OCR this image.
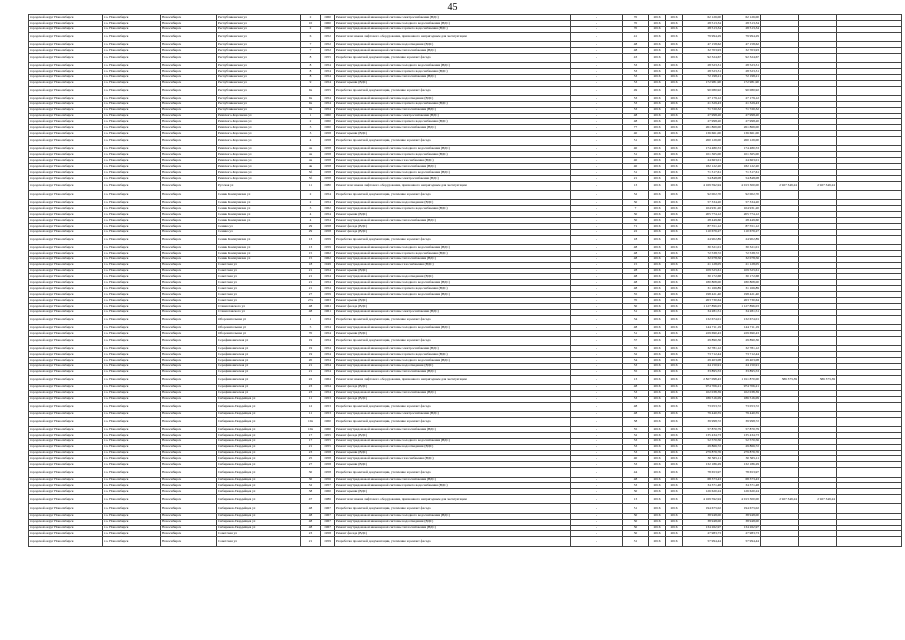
45
городской округ Новосибирск	г.о. Новосибирск	Новосибирск	Республиканская ул	2	1960	Ремонт внутридомовой инженерной системы электроснабжения (ВДС)	-	70	2016	2016	62 126,00	62 126,00			
городской округ Новосибирск	г.о. Новосибирск	Новосибирск	Республиканская ул	10	1960	Ремонт внутридомовой инженерной системы холодного водоснабжения (ВДС)	-	70	2016	2016	28 513,34	28 513,34			
городской округ Новосибирск	г.о. Новосибирск	Новосибирск	Республиканская ул	2	1960	Ремонт внутридомовой инженерной системы горячего водоснабжения (ВДС)	-	70	2016	2016	28 513,34	28 513,34			
городской округ Новосибирск	г.о. Новосибирск	Новосибирск	Республиканская ул	6	1952	Ремонт или замена лифтового оборудования, признанного непригодным для эксплуатации	-	41	2016	2016	79 994,29	79 994,29			
городской округ Новосибирск	г.о. Новосибирск	Новосибирск	Республиканская ул	7	1952	Ремонт внутридомовой инженерной системы водоотведения (ВДС)	-	48	2016	2016	47 158,62	47 158,62			
городской округ Новосибирск	г.о. Новосибирск	Новосибирск	Республиканская ул	7	1952	Ремонт внутридомовой инженерной системы теплоснабжения (ВДС)	-	48	2016	2016	32 703,93	32 703,93			
городской округ Новосибирск	г.о. Новосибирск	Новосибирск	Республиканская ул	8	1955	Разработка проектной документации, утепление и ремонт фасада	-	43	2016	2016	92 324,67	92 324,67			
городской округ Новосибирск	г.о. Новосибирск	Новосибирск	Республиканская ул	8	1954	Ремонт внутридомовой инженерной системы холодного водоснабжения (ВДС)	-	53	2016	2016	28 523,31	28 523,31			
городской округ Новосибирск	г.о. Новосибирск	Новосибирск	Республиканская ул	8	1954	Ремонт внутридомовой инженерной системы горячего водоснабжения (ВДС)	-	53	2016	2016	28 523,31	28 523,31			
городской округ Новосибирск	г.о. Новосибирск	Новосибирск	Республиканская ул	8	1954	Ремонт внутридомовой инженерной системы теплоснабжения (ВДС)	-	53	2016	2016	72 198,21	72 198,21			
городской округ Новосибирск	г.о. Новосибирск	Новосибирск	Республиканская ул	9	1954	Ремонт крыши (ВДС)	-	53	2016	2016	172 981,90	172 981,90			
городской округ Новосибирск	г.о. Новосибирск	Новосибирск	Республиканская ул	9а	1955	Разработка проектной документации, утепление и ремонт фасада	-	49	2016	2016	90 080,92	90 080,92			
городской округ Новосибирск	г.о. Новосибирск	Новосибирск	Республиканская ул	9а	1954	Ремонт внутридомовой инженерной системы водоотведения (ВДС)	-	53	2016	2016	27 179,12	27 179,12			
городской округ Новосибирск	г.о. Новосибирск	Новосибирск	Республиканская ул	9а	1954	Ремонт внутридомовой инженерной системы горячего водоснабжения (ВДС)	-	53	2016	2016	21 329,43	21 329,43			
городской округ Новосибирск	г.о. Новосибирск	Новосибирск	Республиканская ул	9а	1954	Ремонт внутридомовой инженерной системы теплоснабжения (ВДС)	-	53	2016	2016	71 720,32	71 720,32			
городской округ Новосибирск	г.о. Новосибирск	Новосибирск	Римского-Корсакова ул	1	1960	Ремонт внутридомовой инженерной системы электроснабжения (ВДС)	-	48	2016	2016	27 998,20	27 998,20			
городской округ Новосибирск	г.о. Новосибирск	Новосибирск	Римского-Корсакова ул	2	1960	Ремонт внутридомовой инженерной системы горячего водоснабжения (ВДС)	-	48	2016	2016	27 998,20	27 998,20			
городской округ Новосибирск	г.о. Новосибирск	Новосибирск	Римского-Корсакова ул	3	1960	Ремонт внутридомовой инженерной системы теплоснабжения (ВДС)	-	77	2016	2016	261 869,00	261 869,00			
городской округ Новосибирск	г.о. Новосибирск	Новосибирск	Римского-Корсакова ул	3	1958	Ремонт крыши (ВДС)	-	40	2016	2016	136 661,00	136 661,00			
городской округ Новосибирск	г.о. Новосибирск	Новосибирск	Римского-Корсакова ул	4	1958	Разработка проектной документации, утепление и ремонт фасада	-	51	2016	2016	260 129,00	260 129,00			
городской округ Новосибирск	г.о. Новосибирск	Новосибирск	Римского-Корсакова ул	4а	1958	Ремонт внутридомовой инженерной системы холодного водоснабжения (ВДС)	-	40	2016	2016	174 480,53	174 480,53			
городской округ Новосибирск	г.о. Новосибирск	Новосибирск	Римского-Корсакова ул	4а	1958	Ремонт внутридомовой инженерной системы горячего водоснабжения (ВДС)	-	51	2016	2016	101 365,00	101 365,00			
городской округ Новосибирск	г.о. Новосибирск	Новосибирск	Римского-Корсакова ул	4а	1958	Ремонт внутридомовой инженерной системы газоснабжения (ВДС)	-	40	2016	2016	24 663,01	24 663,01			
городской округ Новосибирск	г.о. Новосибирск	Новосибирск	Римского-Корсакова ул	4в	1958	Ремонт внутридомовой инженерной системы теплоснабжения (ВДС)	-	40	2016	2016	182 122,20	182 122,20			
городской округ Новосибирск	г.о. Новосибирск	Новосибирск	Римского-Корсакова ул	5б	1958	Ремонт внутридомовой инженерной системы холодного водоснабжения (ВДС)	-	31	2016	2016	71 317,61	71 317,61			
городской округ Новосибирск	г.о. Новосибирск	Новосибирск	Римского-Корсакова ул	5б	1958	Ремонт внутридомовой инженерной системы электроснабжения (ВДС)	-	21	2016	2016	54 848,08	54 848,08			
городской округ Новосибирск	г.о. Новосибирск	Новосибирск	Русская ул	11	1980	Ремонт или замена лифтового оборудования, признанного непригодным для эксплуатации	-	13	2016	2016	4 169 592,94	4 013 300,00	2 927 349,24	2 927 349,24	
городской округ Новосибирск	г.о. Новосибирск	Новосибирск	Сеник Коммунизма ул	2	1954	Разработка проектной документации, утепление и ремонт фасада	-	52	2016	2016	92 002,70	92 002,70			
городской округ Новосибирск	г.о. Новосибирск	Новосибирск	Сеник Коммунизма ул	2	1954	Ремонт внутридомовой инженерной системы водоотведения (ВДС)	-	50	2016	2016	57 334,20	57 334,20			
городской округ Новосибирск	г.о. Новосибирск	Новосибирск	Сеник Коммунизма ул	3	1962	Ремонт внутридомовой инженерной системы горячего водоснабжения (ВДС)	-	7	2016	2016	104 931,20	104 931,20			
городской округ Новосибирск	г.о. Новосибирск	Новосибирск	Сеник Коммунизма ул	4	1954	Ремонт крыши (ВДС)	-	50	2016	2016	205 774,12	205 774,12			
городской округ Новосибирск	г.о. Новосибирск	Новосибирск	Сеник Коммунизма ул	4	1954	Ремонт внутридомовой инженерной системы теплоснабжения (ВДС)	-	50	2016	2016	28 449,60	28 449,60			
городской округ Новосибирск	г.о. Новосибирск	Новосибирск	Сеника ул	29	1958	Ремонт фасада (ВДС)	-	71	2016	2016	87 551,12	87 551,12			
городской округ Новосибирск	г.о. Новосибирск	Новосибирск	Сеника ул	29	1958	Ремонт фасада (ВДС)	-	22	2016	2016	110 679,27	110 679,27			
городской округ Новосибирск	г.о. Новосибирск	Новосибирск	Сеник Коммунизма ул	13	1959	Разработка проектной документации, утепление и ремонт фасада	-	18	2016	2016	24 902,89	24 902,89			
городской округ Новосибирск	г.о. Новосибирск	Новосибирск	Сеник Коммунизма ул	13	1959	Ремонт внутридомовой инженерной системы холодного водоснабжения (ВДС)	-	48	2016	2016	30 321,01	30 321,01			
городской округ Новосибирск	г.о. Новосибирск	Новосибирск	Сеник Коммунизма ул	15	1962	Ремонт внутридомовой инженерной системы горячего водоснабжения (ВДС)	-	48	2016	2016	72 538,72	72 538,72			
городской округ Новосибирск	г.о. Новосибирск	Новосибирск	Сеник Коммунизма ул	15	1962	Ремонт внутридомовой инженерной системы теплоснабжения (ВДС)	-	48	2016	2016	32 078,56	32 078,56			
городской округ Новосибирск	г.о. Новосибирск	Новосибирск	Советская ул	18	1949	Ремонт внутридомовой инженерной системы газоснабжения (ВДС)	-	15	2016	2016	21 128,05	21 128,05			
городской округ Новосибирск	г.о. Новосибирск	Новосибирск	Советская ул	21	1954	Ремонт крыши (ВДС)	-	28	2016	2016	109 523,61	109 523,61			
городской округ Новосибирск	г.о. Новосибирск	Новосибирск	Советская ул	21	1954	Ремонт внутридомовой инженерной системы водоотведения (ВДС)	-	48	2016	2016	30 172,68	30 172,68			
городской округ Новосибирск	г.о. Новосибирск	Новосибирск	Советская ул	21	1954	Ремонт внутридомовой инженерной системы холодного водоснабжения (ВДС)	-	48	2016	2016	180 808,00	180 808,00			
городской округ Новосибирск	г.о. Новосибирск	Новосибирск	Советская ул	21	1954	Ремонт внутридомовой инженерной системы горячего водоснабжения (ВДС)	-	48	2016	2016	31 166,89	31 166,89			
городской округ Новосибирск	г.о. Новосибирск	Новосибирск	Советская ул	27	1959	Ремонт внутридомовой инженерной системы холодного водоснабжения (ВДС)	-	55	2016	2016	198 421,40	198 421,40			
городской округ Новосибирск	г.о. Новосибирск	Новосибирск	Советская ул	27а	1963	Ремонт крыши (ВДС)	-	70	2016	2016	263 730,64	263 730,64			
городской округ Новосибирск	г.о. Новосибирск	Новосибирск	Станиславского ул	48	1961	Ремонт фасада (ВДС)	-	50	2016	2016	1 127 896,03	1 127 896,03			
городской округ Новосибирск	г.о. Новосибирск	Новосибирск	Станиславского ул	48	1961	Ремонт внутридомовой инженерной системы электроснабжения (ВДС)	-	51	2016	2016	34 281,51	34 281,51			
городской округ Новосибирск	г.о. Новосибирск	Новосибирск	Оборонительная ул	1	1954	Разработка проектной документации, утепление и ремонт фасада	-	34	2016	2016	132 674,01	132 674,01			
городской округ Новосибирск	г.о. Новосибирск	Новосибирск	Оборонительная ул	5	1954	Ремонт внутридомовой инженерной системы холодного водоснабжения (ВДС)	-	48	2016	2016	144 711,19	144 711,19			
городской округ Новосибирск	г.о. Новосибирск	Новосибирск	Оборонительная ул	70	1954	Ремонт крыши (ВДС)	-	51	2016	2016	229 690,43	229 690,43			
городской округ Новосибирск	г.о. Новосибирск	Новосибирск	Серафимовичская ул	19	1954	Разработка проектной документации, утепление и ремонт фасада	-	37	2016	2016	29 890,36	29 890,36			
городской округ Новосибирск	г.о. Новосибирск	Новосибирск	Серафимовичская ул	19	1954	Ремонт внутридомовой инженерной системы электроснабжения (ВДС)	-	55	2016	2016	32 781,12	32 781,12			
городской округ Новосибирск	г.о. Новосибирск	Новосибирск	Серафимовичская ул	19	1954	Ремонт внутридомовой инженерной системы горячего водоснабжения (ВДС)	-	32	2016	2016	73 712,44	73 712,44			
городской округ Новосибирск	г.о. Новосибирск	Новосибирск	Серафимовичская ул	20	1954	Ремонт внутридомовой инженерной системы холодного водоснабжения (ВДС)	-	54	2016	2016	29 403,08	29 403,08			
городской округ Новосибирск	г.о. Новосибирск	Новосибирск	Серафимовичская ул	21	1954	Ремонт внутридомовой инженерной системы водоотведения (ВДС)	-	53	2016	2016	24 150,91	24 150,91			
городской округ Новосибирск	г.о. Новосибирск	Новосибирск	Серафимовичская ул	21	1954	Ремонт внутридомовой инженерной системы теплоснабжения (ВДС)	-	55	2016	2016	33 895,53	33 895,53			
городской округ Новосибирск	г.о. Новосибирск	Новосибирск	Серафимовичская ул	22	1964	Ремонт или замена лифтового оборудования, признанного непригодным для эксплуатации	-	13	2016	2016	2 827 098,43	1 011 870,00	586 373,39	586 373,39	
городской округ Новосибирск	г.о. Новосибирск	Новосибирск	Серафимовичская ул	23	1954	Ремонт фасада (ВДС)	-	48	2016	2016	974 706,21	974 706,21			
городской округ Новосибирск	г.о. Новосибирск	Новосибирск	Серафимовичская ул	23	1954	Ремонт внутридомовой инженерной системы теплоснабжения (ВДС)	-	53	2016	2016	102 038,39	102 038,39			
городской округ Новосибирск	г.о. Новосибирск	Новосибирск	Сибиряков-Гвардейцев ул	11	1953	Ремонт фасада (ВДС)	-	53	2016	2016	186 516,09	186 516,09			
городской округ Новосибирск	г.о. Новосибирск	Новосибирск	Сибиряков-Гвардейцев ул	12	1953	Разработка проектной документации, утепление и ремонт фасада	-	48	2016	2016	73 053,72	73 053,72			
городской округ Новосибирск	г.о. Новосибирск	Новосибирск	Сибиряков-Гвардейцев ул	11	1953	Ремонт внутридомовой инженерной системы электроснабжения (ВДС)	-	48	2016	2016	79 440,55	79 440,55			
городской округ Новосибирск	г.о. Новосибирск	Новосибирск	Сибиряков-Гвардейцев ул	10а	1960	Разработка проектной документации, утепление и ремонт фасада	-	58	2016	2016	39 998,72	39 998,72			
городской округ Новосибирск	г.о. Новосибирск	Новосибирск	Сибиряков-Гвардейцев ул	10а	1960	Ремонт внутридомовой инженерной системы теплоснабжения (ВДС)	-	55	2016	2016	57 870,79	57 870,79			
городской округ Новосибирск	г.о. Новосибирск	Новосибирск	Сибиряков-Гвардейцев ул	17	1955	Ремонт фасада (ВДС)	-	52	2016	2016	135 434,73	135 434,73			
городской округ Новосибирск	г.о. Новосибирск	Новосибирск	Сибиряков-Гвардейцев ул	17	1955	Ремонт внутридомовой инженерной системы холодного водоснабжения (ВДС)	-	53	2016	2016	52 570,56	52 570,56			
городской округ Новосибирск	г.о. Новосибирск	Новосибирск	Сибиряков-Гвардейцев ул	21	1955	Ремонт внутридомовой инженерной системы водоотведения (ВДС)	-	53	2016	2016	29 866,72	29 866,72			
городской округ Новосибирск	г.о. Новосибирск	Новосибирск	Сибиряков-Гвардейцев ул	23	1958	Ремонт крыши (ВДС)	-	53	2016	2016	279 879,76	279 879,76			
городской округ Новосибирск	г.о. Новосибирск	Новосибирск	Сибиряков-Гвардейцев ул	25	1958	Ремонт внутридомовой инженерной системы газоснабжения (ВДС)	-	40	2016	2016	30 565,11	30 565,11			
городской округ Новосибирск	г.о. Новосибирск	Новосибирск	Сибиряков-Гвардейцев ул	27	1958	Ремонт крыши (ВДС)	-	53	2016	2016	132 186,29	132 186,29			
городской округ Новосибирск	г.о. Новосибирск	Новосибирск	Сибиряков-Гвардейцев ул	30	1958	Разработка проектной документации, утепление и ремонт фасада	-	44	2016	2016	78 653,97	78 653,97			
городской округ Новосибирск	г.о. Новосибирск	Новосибирск	Сибиряков-Гвардейцев ул	30	1956	Ремонт внутридомовой инженерной системы теплоснабжения (ВДС)	-	48	2016	2016	68 373,43	68 373,43			
городской округ Новосибирск	г.о. Новосибирск	Новосибирск	Сибиряков-Гвардейцев ул	32	1957	Ремонт внутридомовой инженерной системы горячего водоснабжения (ВДС)	-	53	2016	2016	34 371,48	34 371,48			
городской округ Новосибирск	г.о. Новосибирск	Новосибирск	Сибиряков-Гвардейцев ул	38	1960	Ремонт крыши (ВДС)	-	50	2016	2016	126 620,24	126 620,24			
городской округ Новосибирск	г.о. Новосибирск	Новосибирск	Сибиряков-Гвардейцев ул	47	1986	Ремонт или замена лифтового оборудования, признанного непригодным для эксплуатации	-	13	2016	2016	4 169 592,94	4 013 300,00	2 927 349,24	2 927 349,24	
городской округ Новосибирск	г.о. Новосибирск	Новосибирск	Сибиряков-Гвардейцев ул	48	1967	Разработка проектной документации, утепление и ремонт фасада	-	51	2016	2016	194 673,02	194 673,02			
городской округ Новосибирск	г.о. Новосибирск	Новосибирск	Сибиряков-Гвардейцев ул	48	1967	Ремонт внутридомовой инженерной системы холодного водоснабжения (ВДС)	-	50	2016	2016	38 948,00	38 948,00			
городской округ Новосибирск	г.о. Новосибирск	Новосибирск	Сибиряков-Гвардейцев ул	48	1967	Ремонт внутридомовой инженерной системы водоотведения (ВДС)	-	50	2016	2016	38 948,00	38 948,00			
городской округ Новосибирск	г.о. Новосибирск	Новосибирск	Сибиряков-Гвардейцев ул	48	1967	Ремонт внутридомовой инженерной системы теплоснабжения (ВДС)	-	50	2016	2016	134 262,97	134 262,97			
городской округ Новосибирск	г.о. Новосибирск	Новосибирск	Советская ул	23	1958	Ремонт фасада (ВДС)	-	50	2016	2016	27 983,73	27 983,73			
городской округ Новосибирск	г.о. Новосибирск	Новосибирск	Советская ул	21	1959	Разработка проектной документации, утепление и ремонт фасада	-	31	2016	2016	57 994,44	57 994,44			
